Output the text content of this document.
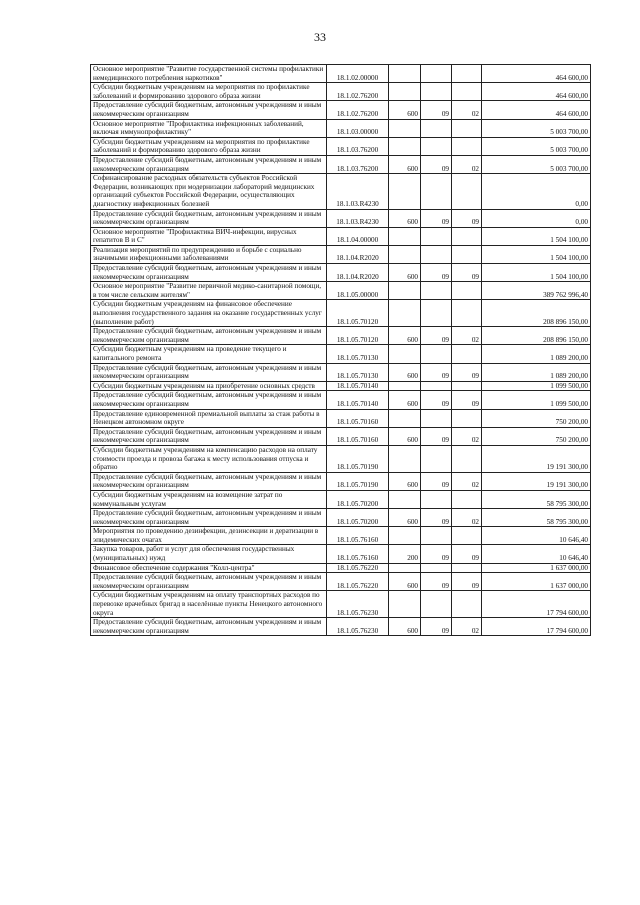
33
Основное мероприятие "Развитие государственной системы профилактики немедицинского потребления наркотиков"	18.1.02.00000				464 600,00
Субсидии бюджетным учреждениям на мероприятия по профилактике заболеваний и формированию здорового образа жизни	18.1.02.76200				464 600,00
Предоставление субсидий бюджетным, автономным учреждениям и иным некоммерческим организациям	18.1.02.76200	600	09	02	464 600,00
Основное мероприятие "Профилактика инфекционных заболеваний, включая иммунопрофилактику"	18.1.03.00000				5 003 700,00
Субсидии бюджетным учреждениям на мероприятия по профилактике заболеваний и формированию здорового образа жизни	18.1.03.76200				5 003 700,00
Предоставление субсидий бюджетным, автономным учреждениям и иным некоммерческим организациям	18.1.03.76200	600	09	02	5 003 700,00
Софинансирование расходных обязательств субъектов Российской Федерации, возникающих при модернизации лабораторий медицинских организаций субъектов Российской Федерации, осуществляющих диагностику инфекционных болезней	18.1.03.R4230				0,00
Предоставление субсидий бюджетным, автономным учреждениям и иным некоммерческим организациям	18.1.03.R4230	600	09	09	0,00
Основное мероприятие "Профилактика ВИЧ-инфекции, вирусных гепатитов В и С"	18.1.04.00000				1 504 100,00
Реализация мероприятий по предупреждению и борьбе с социально значимыми инфекционными заболеваниями	18.1.04.R2020				1 504 100,00
Предоставление субсидий бюджетным, автономным учреждениям и иным некоммерческим организациям	18.1.04.R2020	600	09	09	1 504 100,00
Основное мероприятие "Развитие первичной медико-санитарной помощи, в том числе сельским жителям"	18.1.05.00000				389 762 996,40
Субсидии бюджетным учреждениям на финансовое обеспечение выполнения государственного задания на оказание государственных услуг (выполнение работ)	18.1.05.70120				208 896 150,00
Предоставление субсидий бюджетным, автономным учреждениям и иным некоммерческим организациям	18.1.05.70120	600	09	02	208 896 150,00
Субсидии бюджетным учреждениям на проведение текущего и капитального ремонта	18.1.05.70130				1 089 200,00
Предоставление субсидий бюджетным, автономным учреждениям и иным некоммерческим организациям	18.1.05.70130	600	09	09	1 089 200,00
Субсидии бюджетным учреждениям на приобретение основных средств	18.1.05.70140				1 099 500,00
Предоставление субсидий бюджетным, автономным учреждениям и иным некоммерческим организациям	18.1.05.70140	600	09	09	1 099 500,00
Предоставление единовременной премиальной выплаты за стаж работы в Ненецком автономном округе	18.1.05.70160				750 200,00
Предоставление субсидий бюджетным, автономным учреждениям и иным некоммерческим организациям	18.1.05.70160	600	09	02	750 200,00
Субсидии бюджетным учреждениям на компенсацию расходов на оплату стоимости проезда и провоза багажа к месту использования отпуска и обратно	18.1.05.70190				19 191 300,00
Предоставление субсидий бюджетным, автономным учреждениям и иным некоммерческим организациям	18.1.05.70190	600	09	02	19 191 300,00
Субсидии бюджетным учреждениям на возмещение затрат по коммунальным услугам	18.1.05.70200				58 795 300,00
Предоставление субсидий бюджетным, автономным учреждениям и иным некоммерческим организациям	18.1.05.70200	600	09	02	58 795 300,00
Мероприятия по проведению дезинфекции, дезинсекции и дератизации в эпидемических очагах	18.1.05.76160				10 646,40
Закупка товаров, работ и услуг для обеспечения государственных (муниципальных) нужд	18.1.05.76160	200	09	09	10 646,40
Финансовое обеспечение содержания "Колл-центра"	18.1.05.76220				1 637 000,00
Предоставление субсидий бюджетным, автономным учреждениям и иным некоммерческим организациям	18.1.05.76220	600	09	09	1 637 000,00
Субсидии бюджетным учреждениям на оплату транспортных расходов по перевозке врачебных бригад в населённые пункты Ненецкого автономного округа	18.1.05.76230				17 794 600,00
Предоставление субсидий бюджетным, автономным учреждениям и иным некоммерческим организациям	18.1.05.76230	600	09	02	17 794 600,00
